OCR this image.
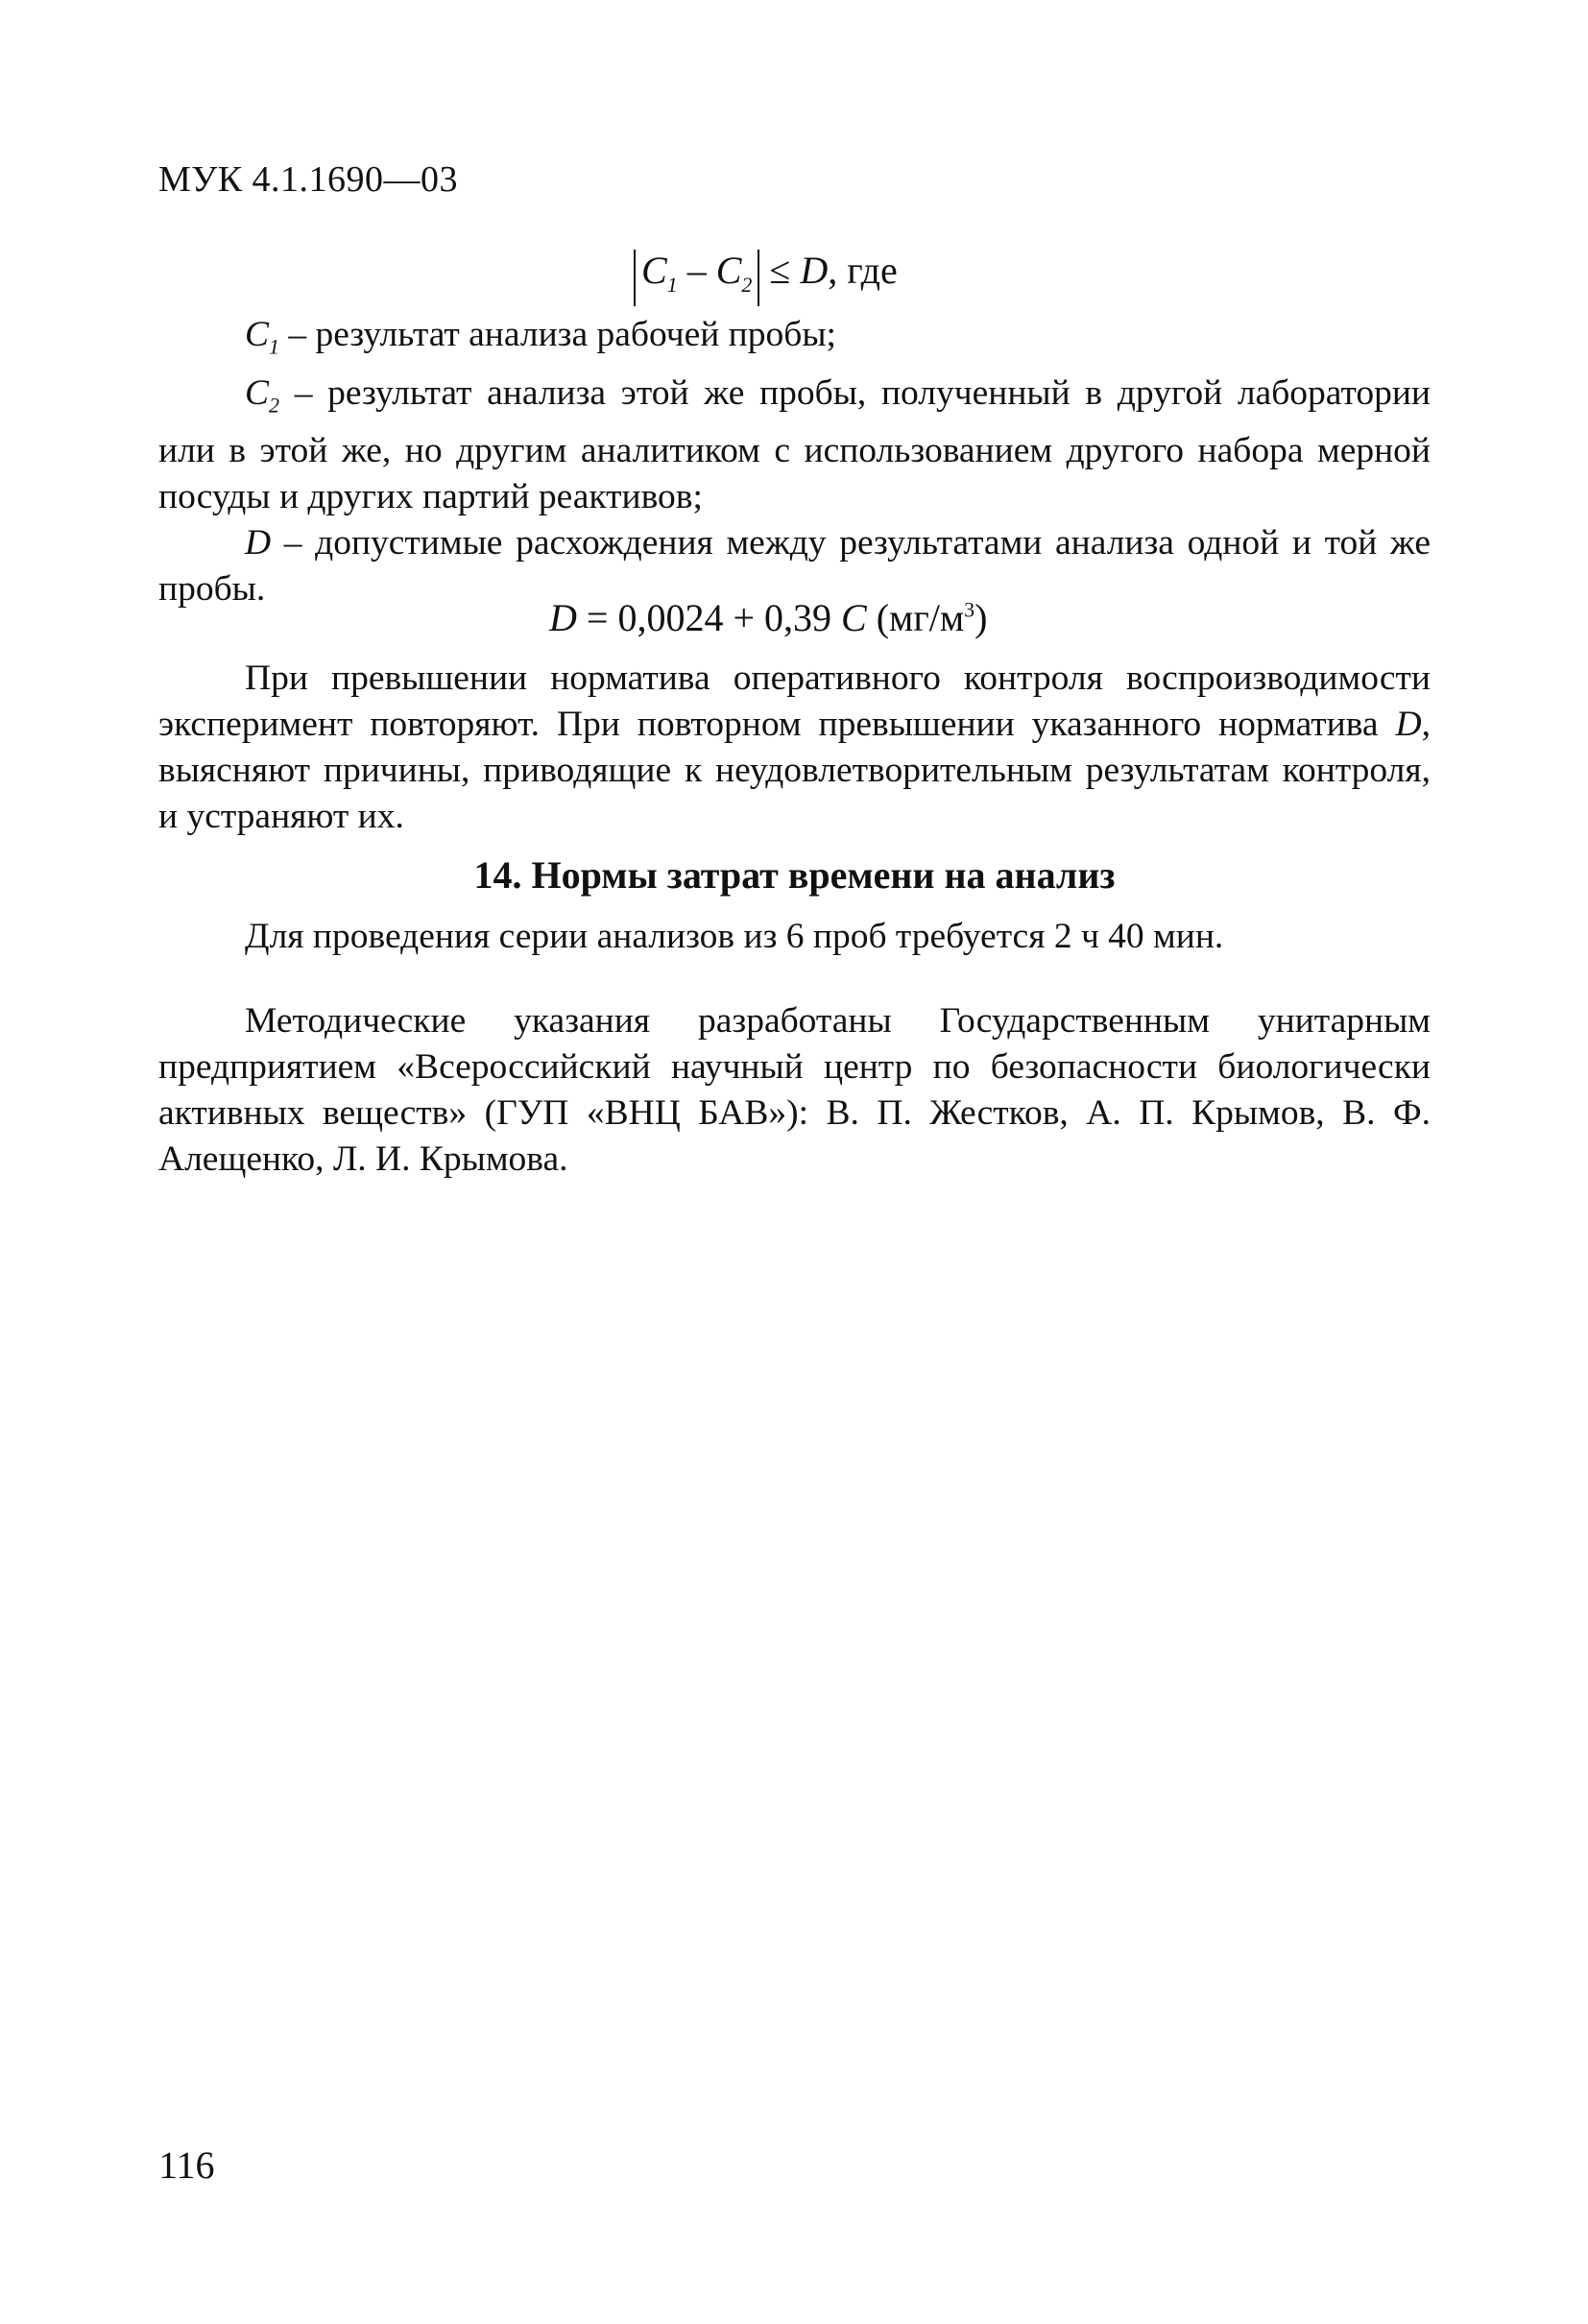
МУК 4.1.1690—03
$C_1 - C_2 \le D$, где

$C_1$ – результат анализа рабочей пробы;

$C_2$ – результат анализа этой же пробы, полученный в другой лаборатории или в этой же, но другим аналитиком с использованием другого набора мерной посуды и других партий реактивов;

D – допустимые расхождения между результатами анализа одной и той же пробы.

D = 0,0024 + 0,39 C $(мг/м^3)$

При превышении норматива оперативного контроля воспроизводимости эксперимент повторяют. При повторном превышении указанного норматива D, выясняют причины, приводящие к неудовлетворительным результатам контроля, и устраняют их.

14. Нормы затрат времени на анализ

Для проведения серии анализов из 6 проб требуется 2 ч 40 мин.

Методические указания разработаны Государственным унитарным предприятием «Всероссийский научный центр по безопасности биологически активных веществ» (ГУП «ВНЦ БАВ»): В. П. Жестков, А. П. Крымов, В. Ф. Алещенко, Л. И. Крымова.

116
